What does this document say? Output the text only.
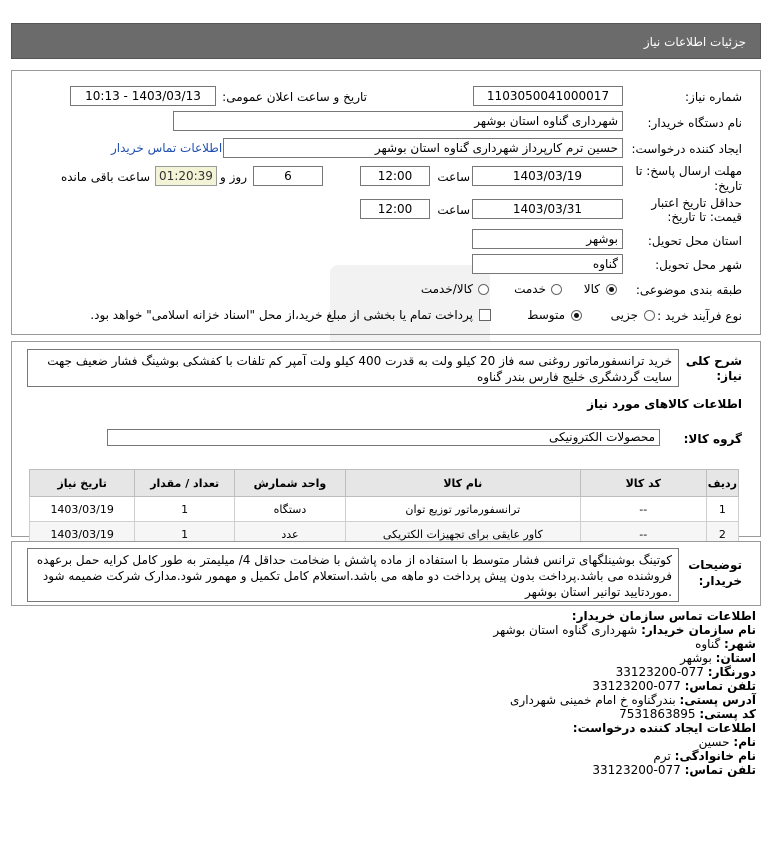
جزئیات اطلاعات نیاز
شماره نیاز:
1103050041000017
تاریخ و ساعت اعلان عمومی:
1403/03/13 - 10:13
نام دستگاه خریدار:
شهرداری گناوه استان بوشهر
ایجاد کننده درخواست:
حسین ترم کارپرداز شهرداری گناوه استان بوشهر
اطلاعات تماس خریدار
مهلت ارسال پاسخ: تا
تاریخ:
1403/03/19
ساعت
12:00
6
روز و
01:20:39
ساعت باقی مانده
حداقل تاریخ اعتبار
قیمت: تا تاریخ:
1403/03/31
ساعت
12:00
استان محل تحویل:
بوشهر
شهر محل تحویل:
گناوه
طبقه بندی موضوعی:
کالا
خدمت
کالا/خدمت
نوع فرآیند خرید :
جزیی
متوسط
پرداخت تمام یا بخشی از مبلغ خرید،از محل "اسناد خزانه اسلامی" خواهد بود.
شرح کلی
نیاز:
خرید ترانسفورماتور روغنی سه فاز 20 کیلو ولت به قدرت 400 کیلو ولت آمپر کم تلفات با کفشکی بوشینگ فشار ضعیف جهت سایت گردشگری خلیج فارس بندر گناوه
اطلاعات کالاهای مورد نیاز
گروه کالا:
محصولات الکترونیکی
ردیف	کد کالا	نام کالا	واحد شمارش	تعداد / مقدار	تاریخ نیاز
1	--	ترانسفورماتور توزیع توان	دستگاه	1	1403/03/19
2	--	کاور عایقی برای تجهیزات الکتریکی	عدد	1	1403/03/19
توضیحات
خریدار:
کوتینگ بوشینلگهای ترانس فشار متوسط با استفاده از ماده پاشش با ضخامت حداقل 4/ میلیمتر به طور کامل کرایه حمل برعهده فروشنده می باشد.پرداخت بدون پیش پرداخت دو ماهه می باشد.استعلام کامل تکمیل و مهمور شود.مدارک شرکت ضمیمه شود .موردتایید توانیر استان بوشهر
اطلاعات تماس سازمان خریدار:
نام سازمان خریدار: شهرداری گناوه استان بوشهر
شهر: گناوه
استان: بوشهر
دورنگار: 077-33123200
تلفن تماس: 077-33123200
آدرس پستی: بندرگناوه خ امام خمینی شهرداری
کد پستی: 7531863895
اطلاعات ایجاد کننده درخواست:
نام: حسین
نام خانوادگی: ترم
تلفن تماس: 077-33123200
